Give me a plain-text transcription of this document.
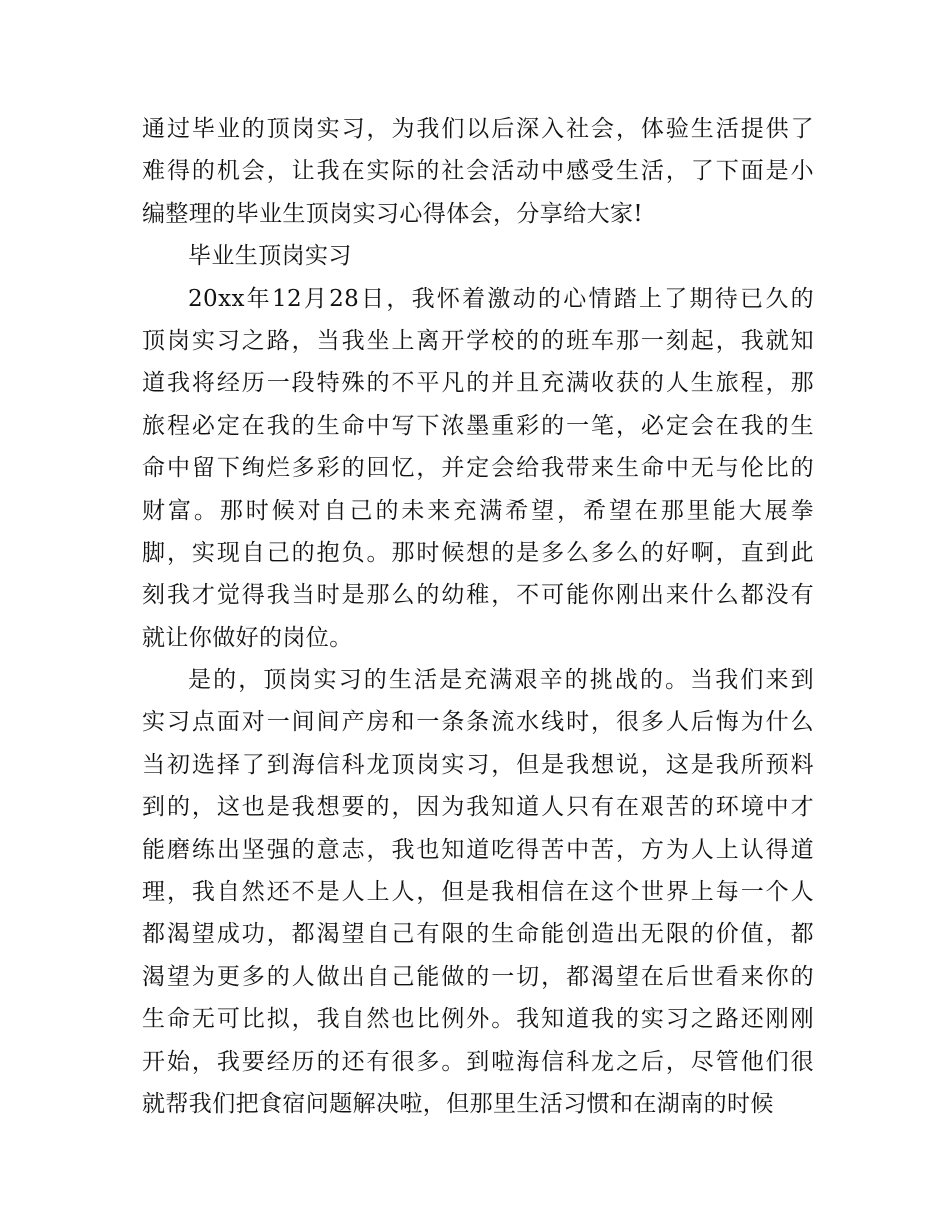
通过毕业的顶岗实习，为我们以后深入社会，体验生活提供了
难得的机会，让我在实际的社会活动中感受生活，了下面是小
编整理的毕业生顶岗实习心得体会，分享给大家!
毕业生顶岗实习
20xx年12月28日，我怀着激动的心情踏上了期待已久的
顶岗实习之路，当我坐上离开学校的的班车那一刻起，我就知
道我将经历一段特殊的不平凡的并且充满收获的人生旅程，那
旅程必定在我的生命中写下浓墨重彩的一笔，必定会在我的生
命中留下绚烂多彩的回忆，并定会给我带来生命中无与伦比的
财富。那时候对自己的未来充满希望，希望在那里能大展拳
脚，实现自己的抱负。那时候想的是多么多么的好啊，直到此
刻我才觉得我当时是那么的幼稚，不可能你刚出来什么都没有
就让你做好的岗位。
是的，顶岗实习的生活是充满艰辛的挑战的。当我们来到
实习点面对一间间产房和一条条流水线时，很多人后悔为什么
当初选择了到海信科龙顶岗实习，但是我想说，这是我所预料
到的，这也是我想要的，因为我知道人只有在艰苦的环境中才
能磨练出坚强的意志，我也知道吃得苦中苦，方为人上认得道
理，我自然还不是人上人，但是我相信在这个世界上每一个人
都渴望成功，都渴望自己有限的生命能创造出无限的价值，都
渴望为更多的人做出自己能做的一切，都渴望在后世看来你的
生命无可比拟，我自然也比例外。我知道我的实习之路还刚刚
开始，我要经历的还有很多。到啦海信科龙之后，尽管他们很
就帮我们把食宿问题解决啦，但那里生活习惯和在湖南的时候
